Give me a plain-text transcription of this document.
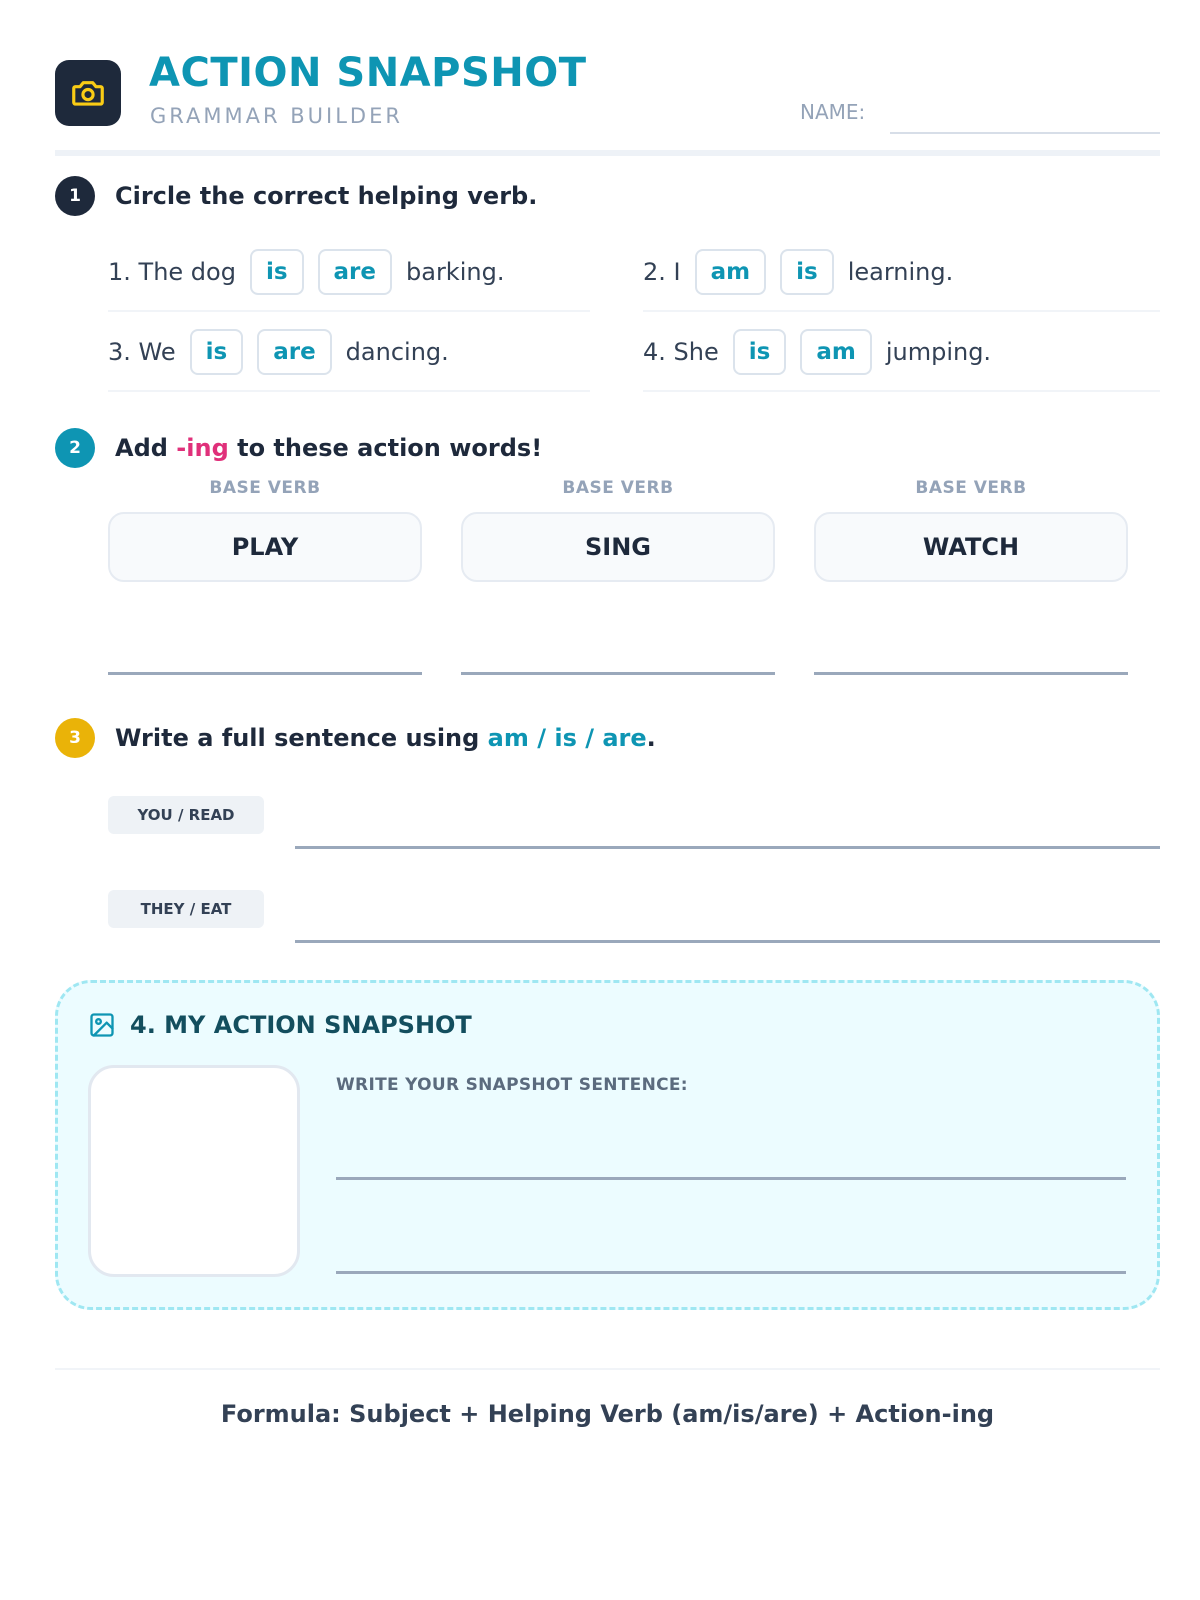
ACTION SNAPSHOT
GRAMMAR BUILDER	NAME:
1	Circle the correct helping verb.
1. The dog	is	are	barking.	2. I	am	is	learning.
3. We	is	are	dancing.	4. She	is	am	jumping.
2	Add -ing to these action words!
BASE VERB
PLAY
BASE VERB
SING
BASE VERB
WATCH
3	Write a full sentence using am / is / are.
YOU / READ
THEY / EAT
4. MY ACTION SNAPSHOT
WRITE YOUR SNAPSHOT SENTENCE:
Formula: Subject + Helping Verb (am/is/are) + Action-ing
